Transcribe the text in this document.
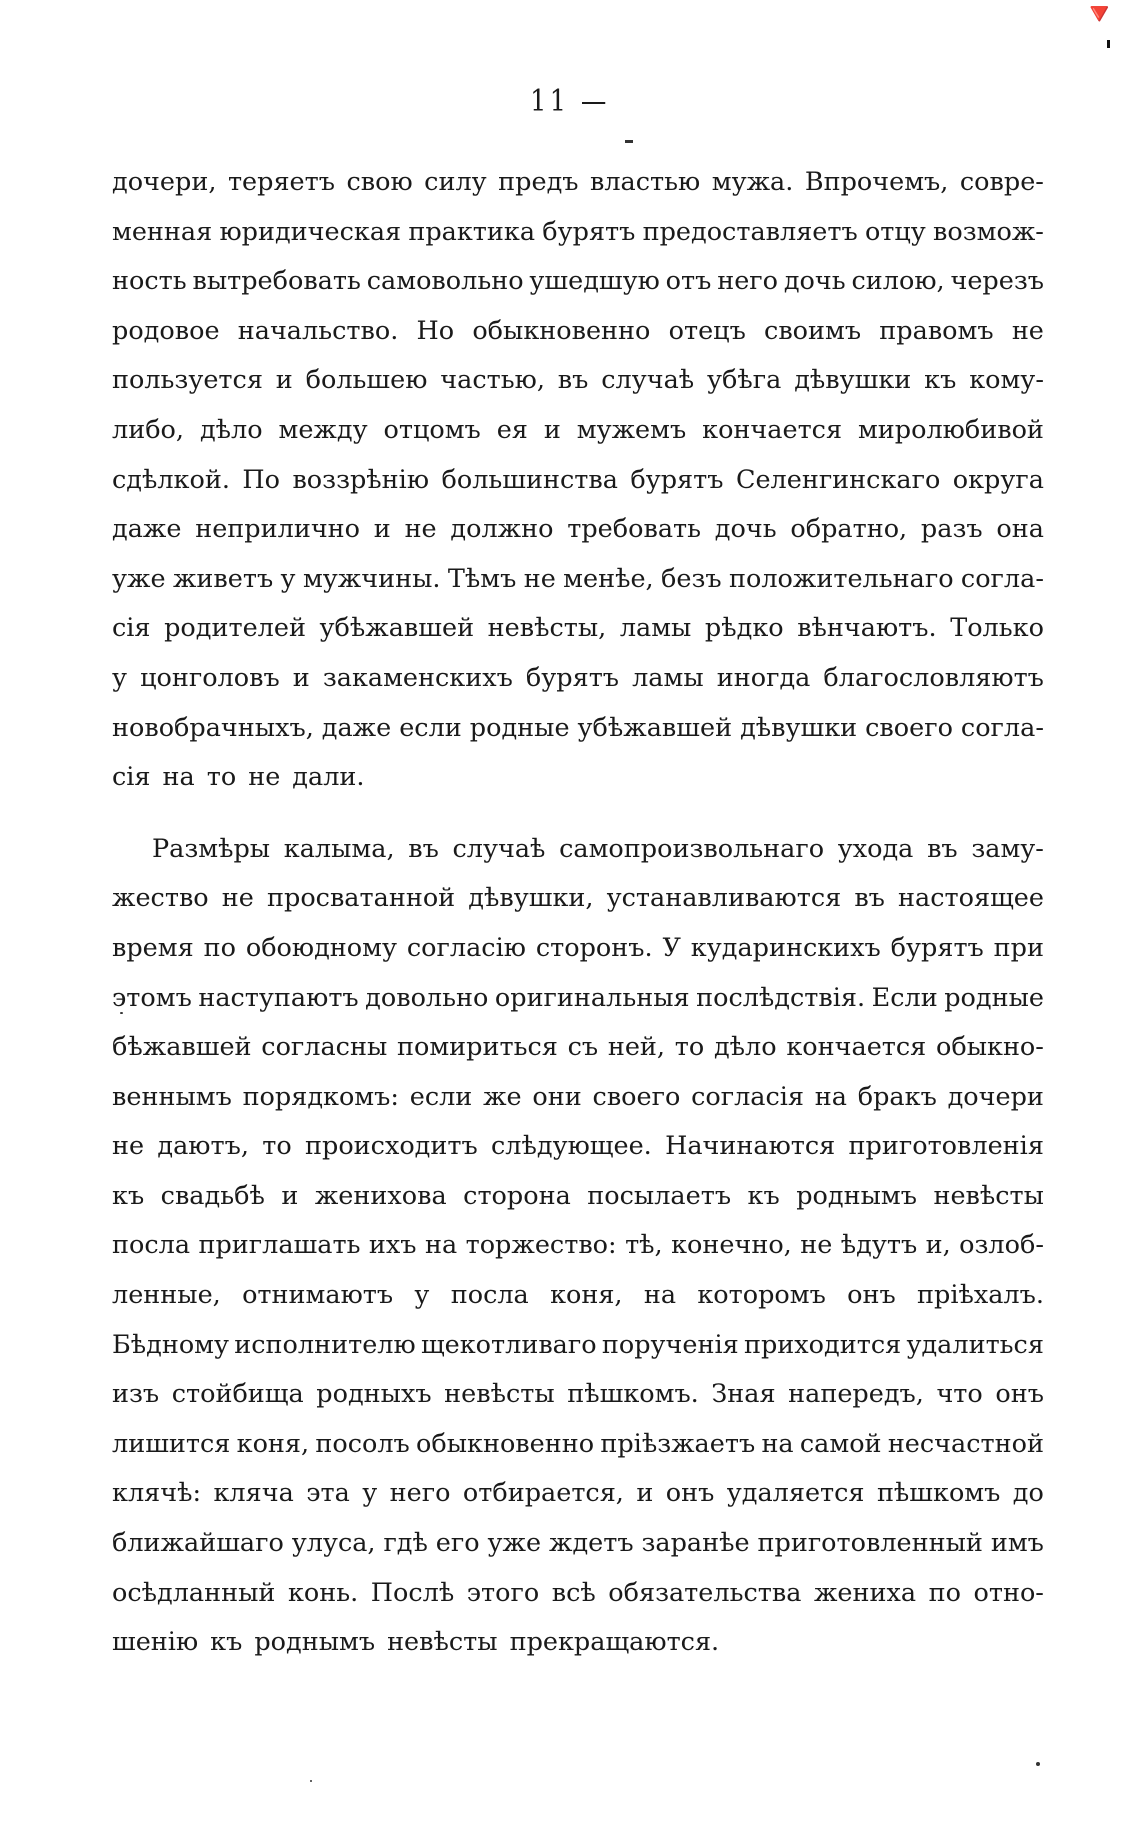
🔻
11 —
дочери, теряетъ свою силу предъ властью мужа. Впрочемъ, совре-
менная юридическая практика бурятъ предоставляетъ отцу возмож-
ность вытребовать самовольно ушедшую отъ него дочь силою, черезъ
родовое начальство. Но обыкновенно отецъ своимъ правомъ не
пользуется и большею частью, въ случаѣ убѣга дѣвушки къ кому-
либо, дѣло между отцомъ ея и мужемъ кончается миролюбивой
сдѣлкой. По воззрѣнію большинства бурятъ Селенгинскаго округа
даже неприлично и не должно требовать дочь обратно, разъ она
уже живетъ у мужчины. Тѣмъ не менѣе, безъ положительнаго согла-
сія родителей убѣжавшей невѣсты, ламы рѣдко вѣнчаютъ. Только
у цонголовъ и закаменскихъ бурятъ ламы иногда благословляютъ
новобрачныхъ, даже если родные убѣжавшей дѣвушки своего согла-
сія на то не дали.
Размѣры калыма, въ случаѣ самопроизвольнаго ухода въ заму-
жество не просватанной дѣвушки, устанавливаются въ настоящее
время по обоюдному согласію сторонъ. У кударинскихъ бурятъ при
этомъ наступаютъ довольно оригинальныя послѣдствія. Если родные
бѣжавшей согласны помириться съ ней, то дѣло кончается обыкно-
веннымъ порядкомъ: если же они своего согласія на бракъ дочери
не даютъ, то происходитъ слѣдующее. Начинаются приготовленія
къ свадьбѣ и женихова сторона посылаетъ къ роднымъ невѣсты
посла приглашать ихъ на торжество: тѣ, конечно, не ѣдутъ и, озлоб-
ленные, отнимаютъ у посла коня, на которомъ онъ пріѣхалъ.
Бѣдному исполнителю щекотливаго порученія приходится удалиться
изъ стойбища родныхъ невѣсты пѣшкомъ. Зная напередъ, что онъ
лишится коня, посолъ обыкновенно пріѣзжаетъ на самой несчастной
клячѣ: кляча эта у него отбирается, и онъ удаляется пѣшкомъ до
ближайшаго улуса, гдѣ его уже ждетъ заранѣе приготовленный имъ
осѣдланный конь. Послѣ этого всѣ обязательства жениха по отно-
шенію къ роднымъ невѣсты прекращаются.
